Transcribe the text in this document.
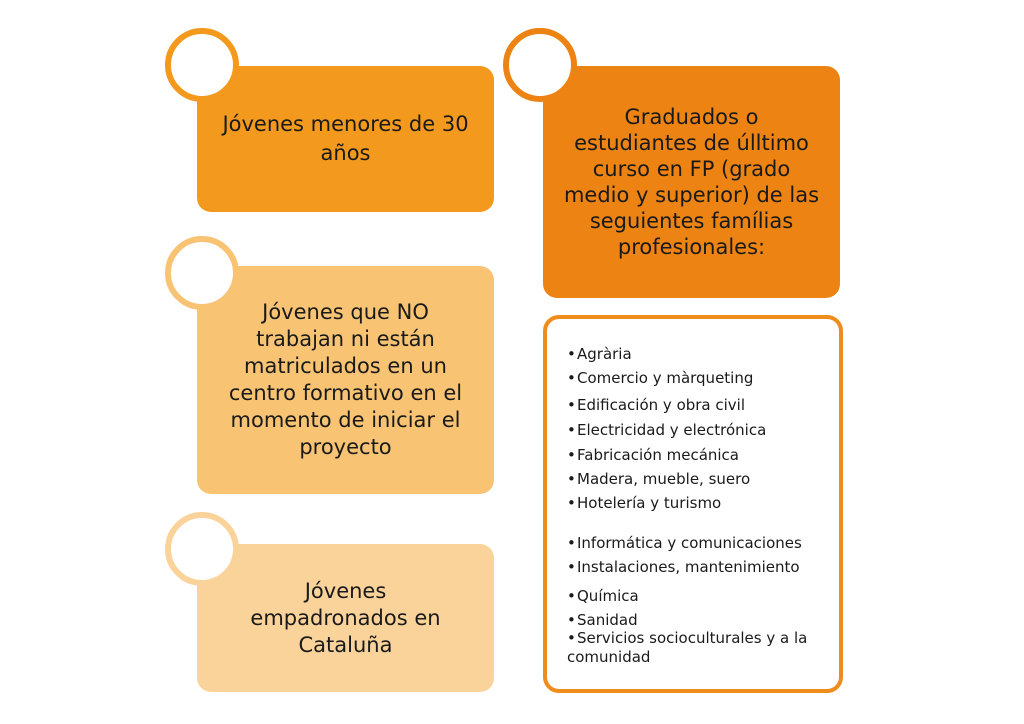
Jóvenes menores de 30 años
Jóvenes que NO trabajan ni están matriculados en un centro formativo en el momento de iniciar el proyecto
Jóvenes empadronados en Cataluña
Graduados o estudiantes de úlltimo curso en FP (grado medio y superior) de las seguientes famílias profesionales:
•Agrària
•Comercio y màrqueting
•Edificación y obra civil
•Electricidad y electrónica
•Fabricación mecánica
•Madera, mueble, suero
•Hotelería y turismo
•Informática y comunicaciones
•Instalaciones, mantenimiento
•Química
•Sanidad
•Servicios socioculturales y a la comunidad
